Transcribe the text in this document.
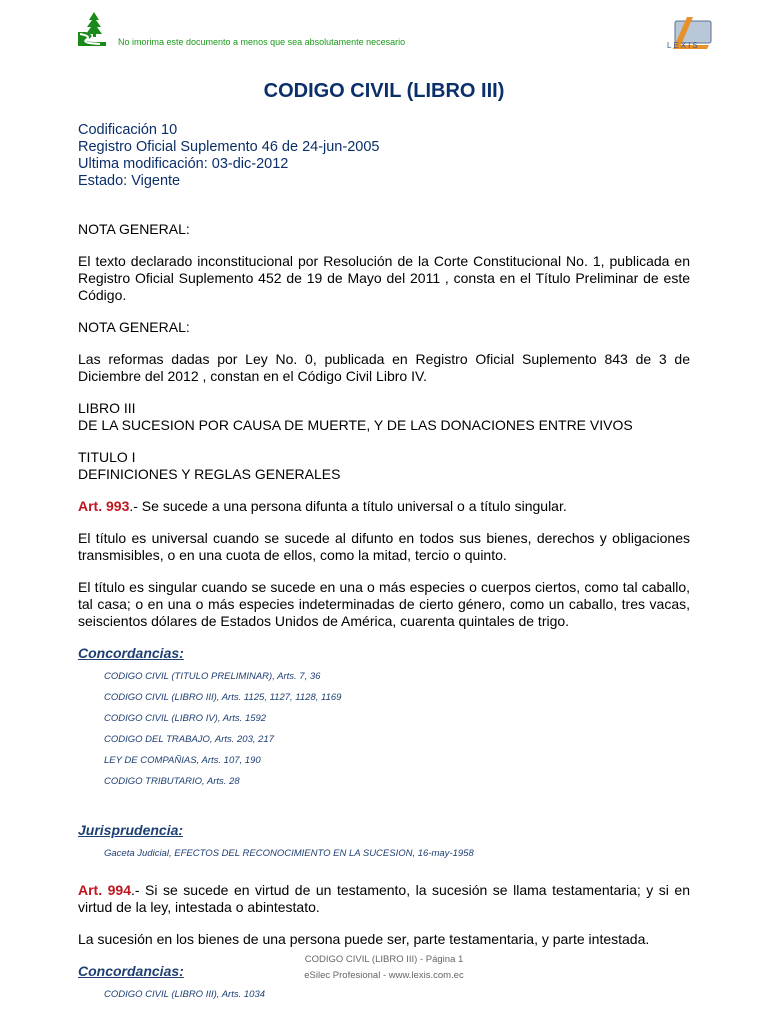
No imorima este documento a menos que sea absolutamente necesario	LEXIS
CODIGO CIVIL (LIBRO III)
Codificación 10
Registro Oficial Suplemento 46 de 24-jun-2005
Ultima modificación: 03-dic-2012
Estado: Vigente

NOTA GENERAL:

El texto declarado inconstitucional por Resolución de la Corte Constitucional No. 1, publicada en Registro Oficial Suplemento 452 de 19 de Mayo del 2011 , consta en el Título Preliminar de este Código.

NOTA GENERAL:

Las reformas dadas por Ley No. 0, publicada en Registro Oficial Suplemento 843 de 3 de Diciembre del 2012 , constan en el Código Civil Libro IV.

LIBRO III
DE LA SUCESION POR CAUSA DE MUERTE, Y DE LAS DONACIONES ENTRE VIVOS

TITULO I
DEFINICIONES Y REGLAS GENERALES

Art. 993.- Se sucede a una persona difunta a título universal o a título singular.

El título es universal cuando se sucede al difunto en todos sus bienes, derechos y obligaciones transmisibles, o en una cuota de ellos, como la mitad, tercio o quinto.

El título es singular cuando se sucede en una o más especies o cuerpos ciertos, como tal caballo, tal casa; o en una o más especies indeterminadas de cierto género, como un caballo, tres vacas, seiscientos dólares de Estados Unidos de América, cuarenta quintales de trigo.

Concordancias:
CODIGO CIVIL (TITULO PRELIMINAR), Arts. 7, 36
CODIGO CIVIL (LIBRO III), Arts. 1125, 1127, 1128, 1169
CODIGO CIVIL (LIBRO IV), Arts. 1592
CODIGO DEL TRABAJO, Arts. 203, 217
LEY DE COMPAÑIAS, Arts. 107, 190
CODIGO TRIBUTARIO, Arts. 28
Jurisprudencia:
Gaceta Judicial, EFECTOS DEL RECONOCIMIENTO EN LA SUCESION, 16-may-1958

Art. 994.- Si se sucede en virtud de un testamento, la sucesión se llama testamentaria; y si en virtud de la ley, intestada o abintestato.

La sucesión en los bienes de una persona puede ser, parte testamentaria, y parte intestada.

Concordancias:
CODIGO CIVIL (LIBRO III), Arts. 1034
CODIGO CIVIL (LIBRO III) - Página 1
eSilec Profesional - www.lexis.com.ec
